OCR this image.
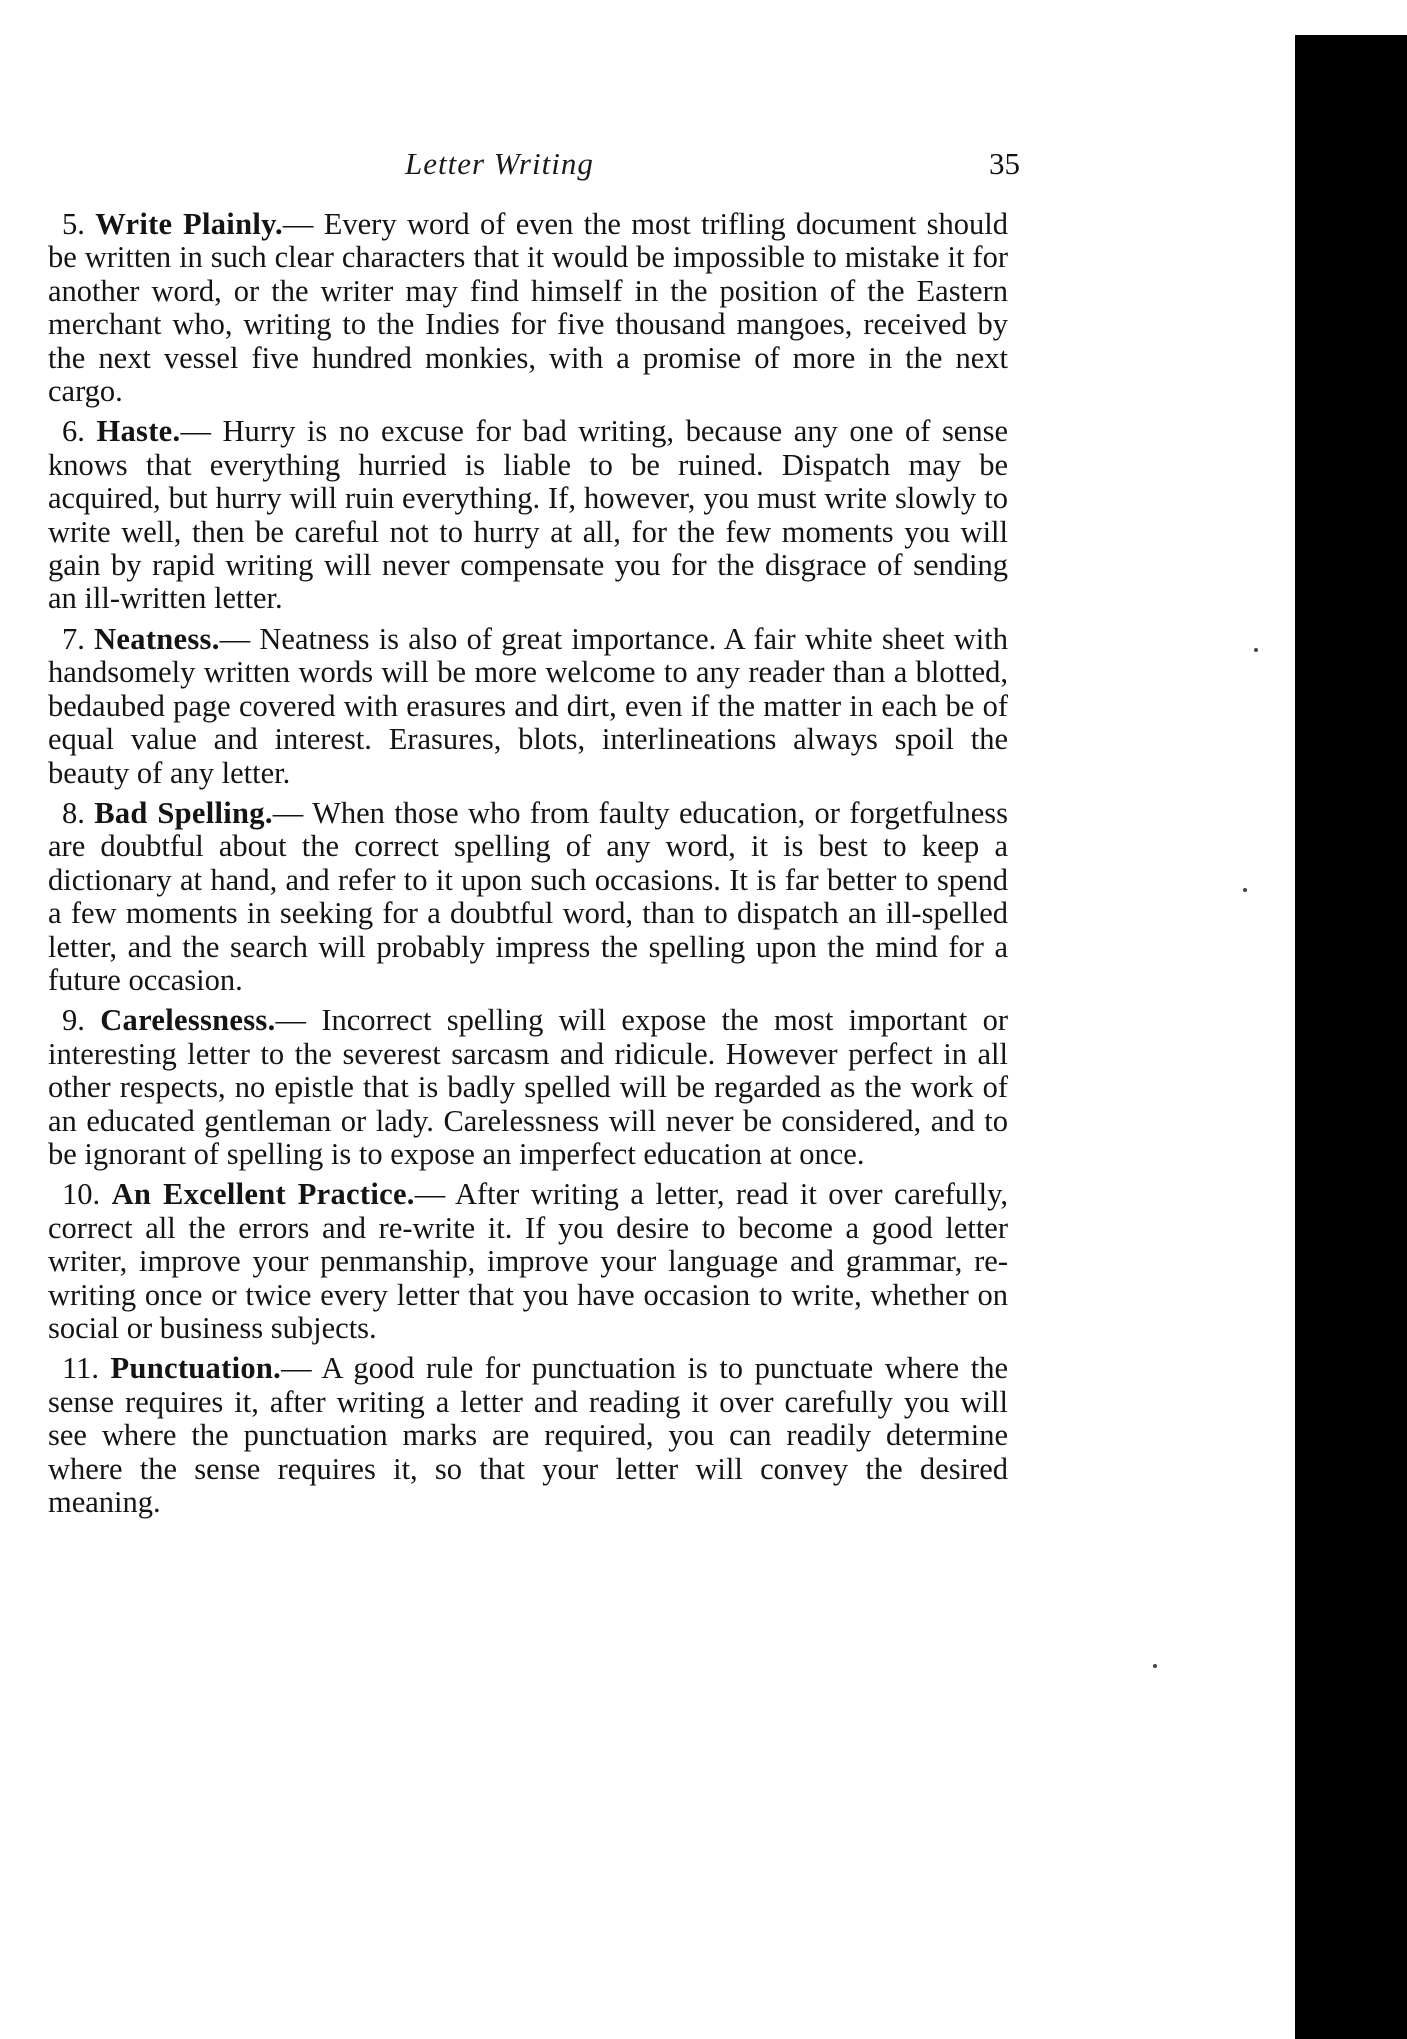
Letter Writing	35

5. Write Plainly.— Every word of even the most trifling document should be written in such clear characters that it would be impossible to mistake it for another word, or the writer may find himself in the position of the Eastern merchant who, writing to the Indies for five thousand mangoes, received by the next vessel five hundred monkies, with a promise of more in the next cargo.

6. Haste.— Hurry is no excuse for bad writing, because any one of sense knows that everything hurried is liable to be ruined. Dispatch may be acquired, but hurry will ruin everything. If, however, you must write slowly to write well, then be careful not to hurry at all, for the few moments you will gain by rapid writing will never compensate you for the disgrace of sending an ill-written letter.

7. Neatness.— Neatness is also of great importance. A fair white sheet with handsomely written words will be more welcome to any reader than a blotted, bedaubed page covered with erasures and dirt, even if the matter in each be of equal value and interest. Erasures, blots, interlineations always spoil the beauty of any letter.

8. Bad Spelling.— When those who from faulty education, or forgetfulness are doubtful about the correct spelling of any word, it is best to keep a dictionary at hand, and refer to it upon such occasions. It is far better to spend a few moments in seeking for a doubtful word, than to dispatch an ill-spelled letter, and the search will probably impress the spelling upon the mind for a future occasion.

9. Carelessness.— Incorrect spelling will expose the most important or interesting letter to the severest sarcasm and ridicule. However perfect in all other respects, no epistle that is badly spelled will be regarded as the work of an educated gentleman or lady. Carelessness will never be considered, and to be ignorant of spelling is to expose an imperfect education at once.

10. An Excellent Practice.— After writing a letter, read it over carefully, correct all the errors and re-write it. If you desire to become a good letter writer, improve your penmanship, improve your language and grammar, re-writing once or twice every letter that you have occasion to write, whether on social or business subjects.

11. Punctuation.— A good rule for punctuation is to punctuate where the sense requires it, after writing a letter and reading it over carefully you will see where the punctuation marks are required, you can readily determine where the sense requires it, so that your letter will convey the desired meaning.
